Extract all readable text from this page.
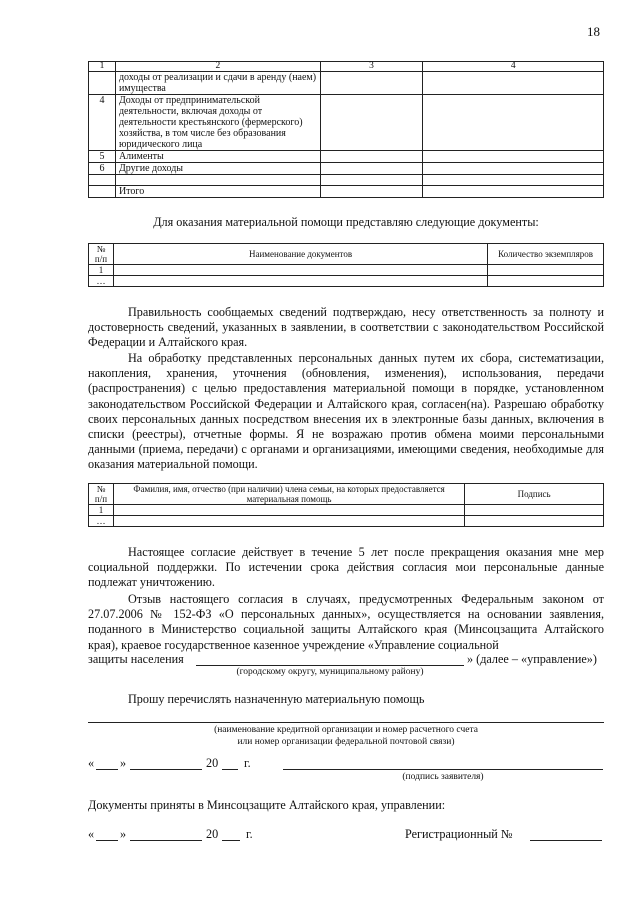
18
1	2	3	4
	доходы от реализации и сдачи в аренду (наем) имущества		
4	Доходы от предпринимательской деятельности, включая доходы от деятельности крестьянского (фермерского) хозяйства, в том числе без образования юридического лица		
5	Алименты		
6	Другие доходы		

	Итого		

Для оказания материальной помощи представляю следующие документы:

№ п/п	Наименование документов	Количество экземпляров
1		
…		

Правильность сообщаемых сведений подтверждаю, несу ответственность за полноту и достоверность сведений, указанных в заявлении, в соответствии с законодательством Российской Федерации и Алтайского края.

На обработку представленных персональных данных путем их сбора, систематизации, накопления, хранения, уточнения (обновления, изменения), использования, передачи (распространения) с целью предоставления материальной помощи в порядке, установленном законодательством Российской Федерации и Алтайского края, согласен(на). Разрешаю обработку своих персональных данных посредством внесения их в электронные базы данных, включения в списки (реестры), отчетные формы. Я не возражаю против обмена моими персональными данными (приема, передачи) с органами и организациями, имеющими сведения, необходимые для оказания материальной помощи.

№ п/п	Фамилия, имя, отчество (при наличии) члена семьи, на которых предоставляется материальная помощь	Подпись
1		
…		

Настоящее согласие действует в течение 5 лет после прекращения оказания мне мер социальной поддержки. По истечении срока действия согласия мои персональные данные подлежат уничтожению.

Отзыв настоящего согласия в случаях, предусмотренных Федеральным законом от 27.07.2006 № 152-ФЗ «О персональных данных», осуществляется на основании заявления, поданного в Министерство социальной защиты Алтайского края (Минсоцзащита Алтайского края), краевое государственное казенное учреждение «Управление социальной

защиты населения	» (далее – «управление»)
(городскому округу, муниципальному району)

Прошу перечислять назначенную материальную помощь

(наименование кредитной организации и номер расчетного счета
или номер организации федеральной почтовой связи)
« »	20 г.
(подпись заявителя)

Документы приняты в Минсоцзащите Алтайского края, управлении:

« »	20 г.	Регистрационный №
